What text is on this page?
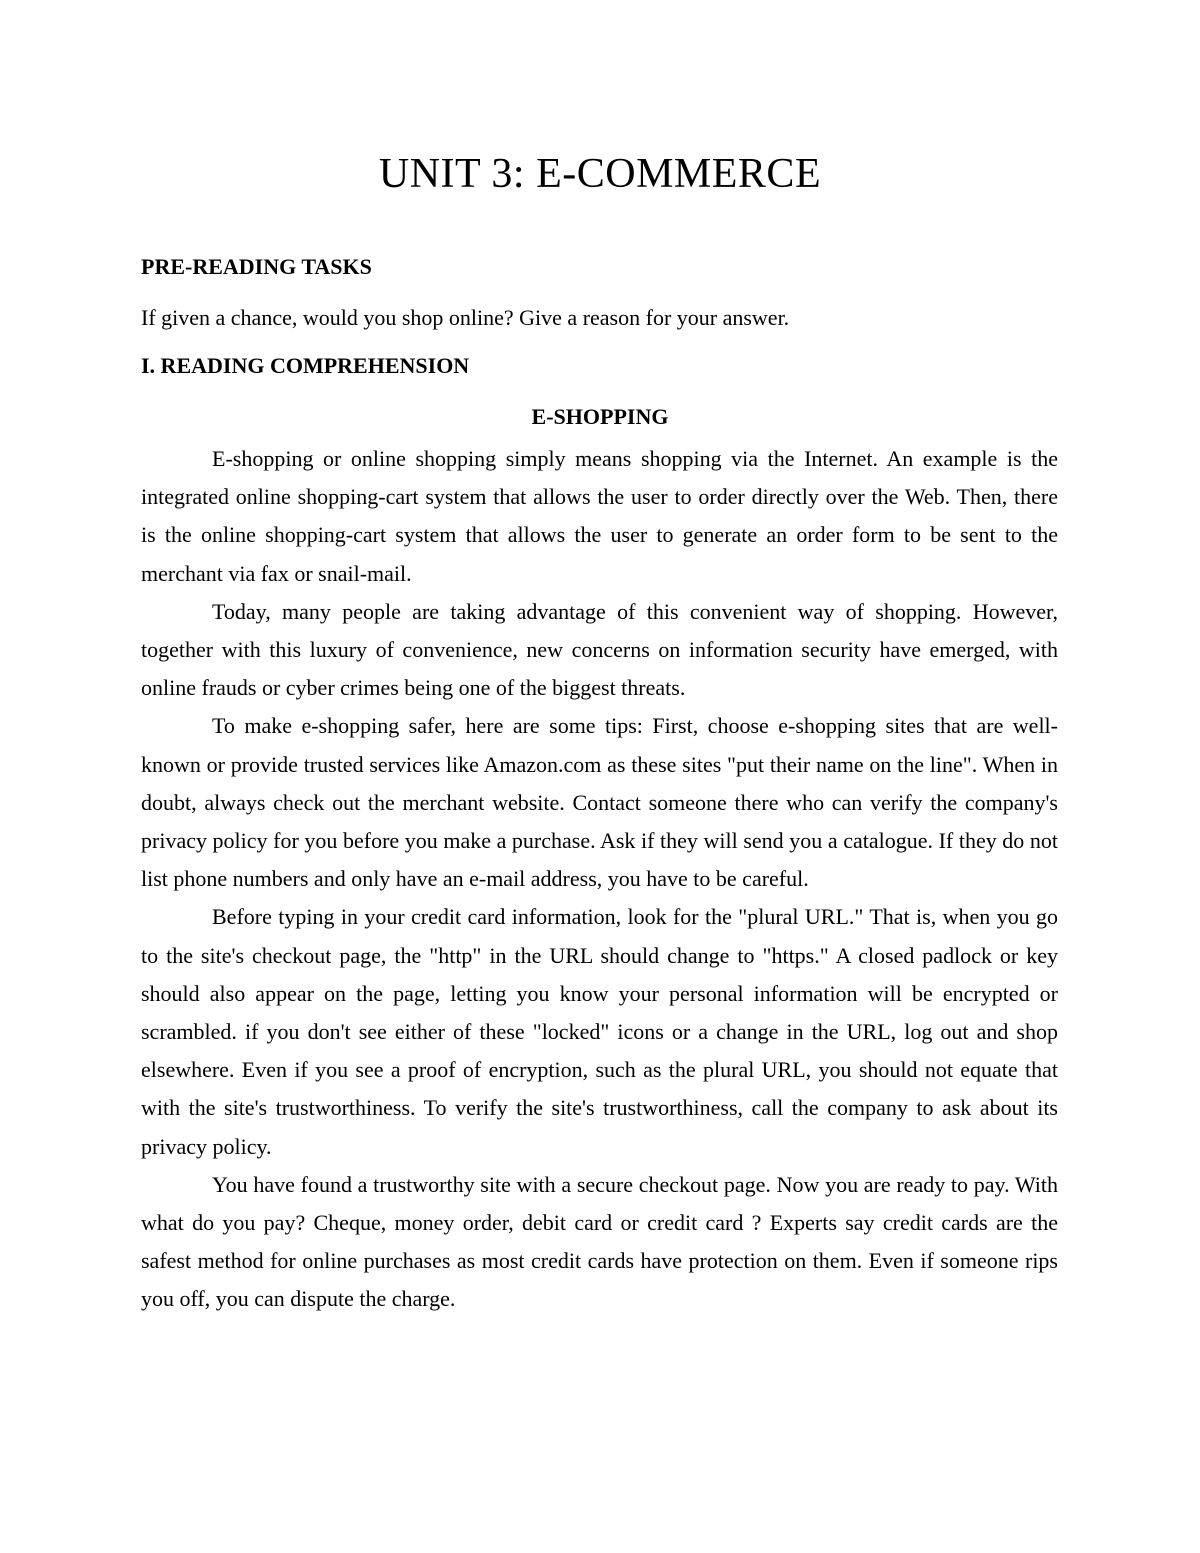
UNIT 3: E-COMMERCE
PRE-READING TASKS

If given a chance, would you shop online? Give a reason for your answer.

I. READING COMPREHENSION
E-SHOPPING

E-shopping or online shopping simply means shopping via the Internet. An example is the integrated online shopping-cart system that allows the user to order directly over the Web. Then, there is the online shopping-cart system that allows the user to generate an order form to be sent to the merchant via fax or snail-mail.

Today, many people are taking advantage of this convenient way of shopping. However, together with this luxury of convenience, new concerns on information security have emerged, with online frauds or cyber crimes being one of the biggest threats.

To make e-shopping safer, here are some tips: First, choose e-shopping sites that are well-known or provide trusted services like Amazon.com as these sites "put their name on the line". When in doubt, always check out the merchant website. Contact someone there who can verify the company's privacy policy for you before you make a purchase. Ask if they will send you a catalogue. If they do not list phone numbers and only have an e-mail address, you have to be careful.

Before typing in your credit card information, look for the "plural URL." That is, when you go to the site's checkout page, the "http" in the URL should change to "https." A closed padlock or key should also appear on the page, letting you know your personal information will be encrypted or scrambled. if you don't see either of these "locked" icons or a change in the URL, log out and shop elsewhere. Even if you see a proof of encryption, such as the plural URL, you should not equate that with the site's trustworthiness. To verify the site's trustworthiness, call the company to ask about its privacy policy.

You have found a trustworthy site with a secure checkout page. Now you are ready to pay. With what do you pay? Cheque, money order, debit card or credit card ? Experts say credit cards are the safest method for online purchases as most credit cards have protection on them. Even if someone rips you off, you can dispute the charge.
